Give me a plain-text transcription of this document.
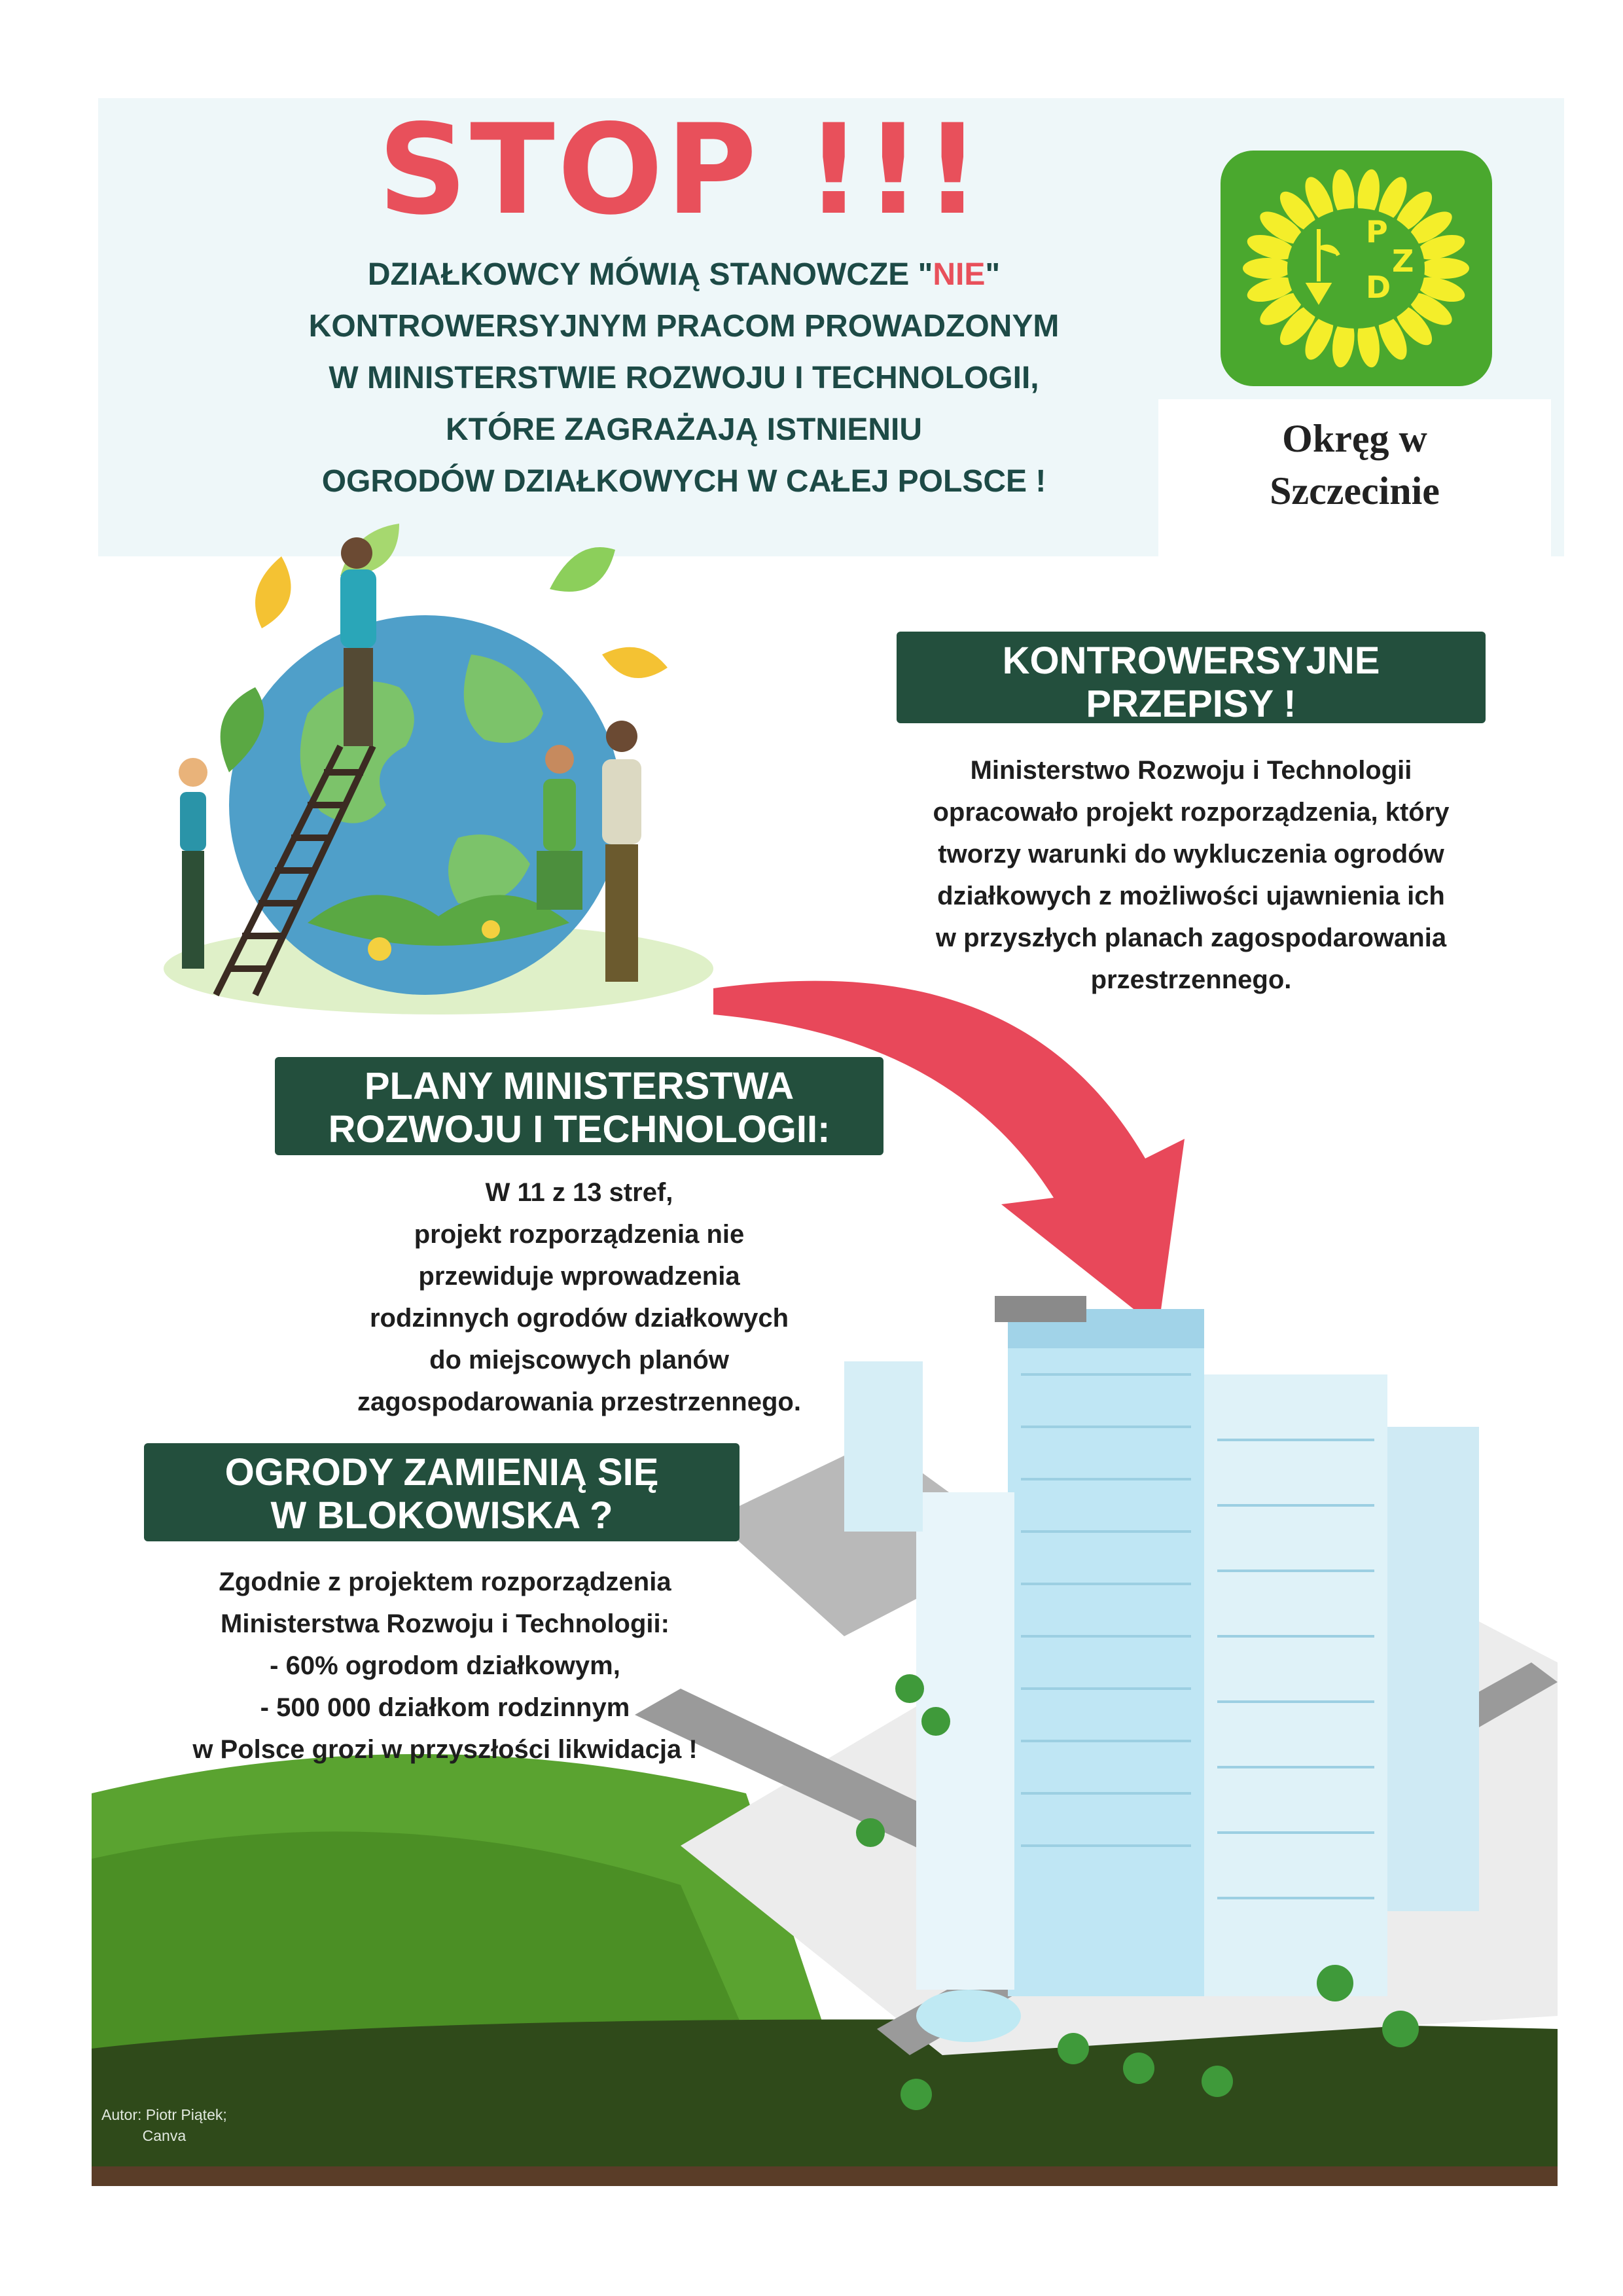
STOP !!!
DZIAŁKOWCY MÓWIĄ STANOWCZE "NIE"
KONTROWERSYJNYM PRACOM PROWADZONYM
W MINISTERSTWIE ROZWOJU I TECHNOLOGII,
KTÓRE ZAGRAŻAJĄ ISTNIENIU
OGRODÓW DZIAŁKOWYCH W CAŁEJ POLSCE !
P
Z
D
Okręg w
Szczecinie
KONTROWERSYJNE
PRZEPISY !
Ministerstwo Rozwoju i Technologii
opracowało projekt rozporządzenia, który
tworzy warunki do wykluczenia ogrodów
działkowych z możliwości ujawnienia ich
w przyszłych planach zagospodarowania
przestrzennego.
PLANY MINISTERSTWA
ROZWOJU I TECHNOLOGII:
W 11 z 13 stref,
projekt rozporządzenia nie
przewiduje wprowadzenia
rodzinnych ogrodów działkowych
do miejscowych planów
zagospodarowania przestrzennego.
OGRODY ZAMIENIĄ SIĘ
W BLOKOWISKA ?
Zgodnie z projektem rozporządzenia
Ministerstwa Rozwoju i Technologii:
- 60% ogrodom działkowym,
- 500 000 działkom rodzinnym
w Polsce grozi w przyszłości likwidacja !
Autor: Piotr Piątek;
Canva
